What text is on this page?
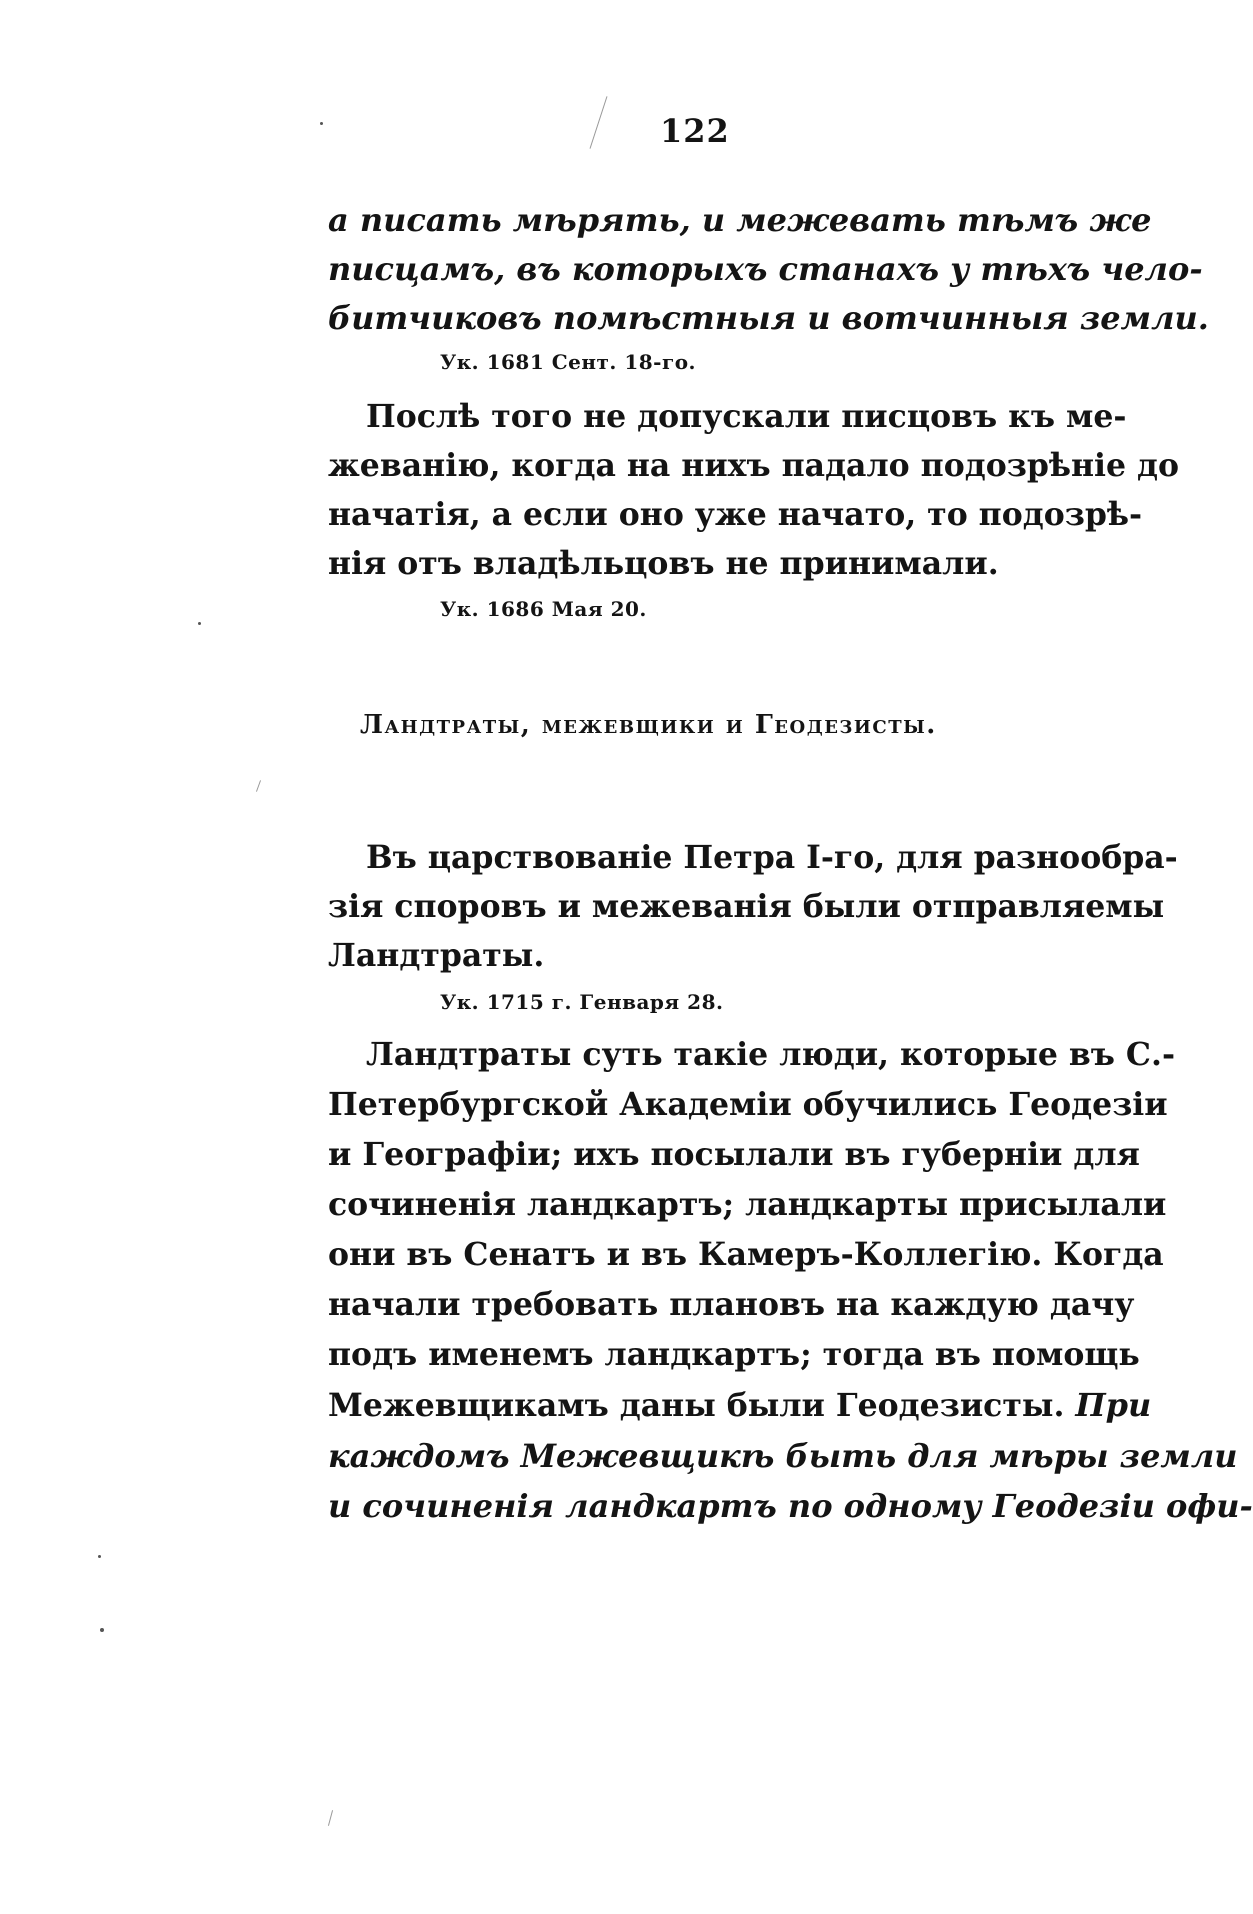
122
а писать мѣрять, и межевать тѣмъ же
писцамъ, въ которыхъ станахъ у тѣхъ чело-
битчиковъ помѣстныя и вотчинныя земли.
Ук. 1681 Сент. 18-го.
Послѣ того не допускали писцовъ къ ме-
жеванію, когда на нихъ падало подозрѣніе до
начатія, а если оно уже начато, то подозрѣ-
нія отъ владѣльцовъ не принимали.
Ук. 1686 Мая 20.
Ландтраты, межевщики и Геодезисты.
Въ царствованіе Петра I-го, для разнообра-
зія споровъ и межеванія были отправляемы
Ландтраты.
Ук. 1715 г. Генваря 28.
Ландтраты суть такіе люди, которые въ С.-
Петербургской Академіи обучились Геодезіи
и Географіи; ихъ посылали въ губерніи для
сочиненія ландкартъ; ландкарты присылали
они въ Сенатъ и въ Камеръ-Коллегію. Когда
начали требовать плановъ на каждую дачу
подъ именемъ ландкартъ; тогда въ помощь
Межевщикамъ даны были Геодезисты. При
каждомъ Межевщикѣ быть для мѣры земли
и сочиненія ландкартъ по одному Геодезіи офи-
